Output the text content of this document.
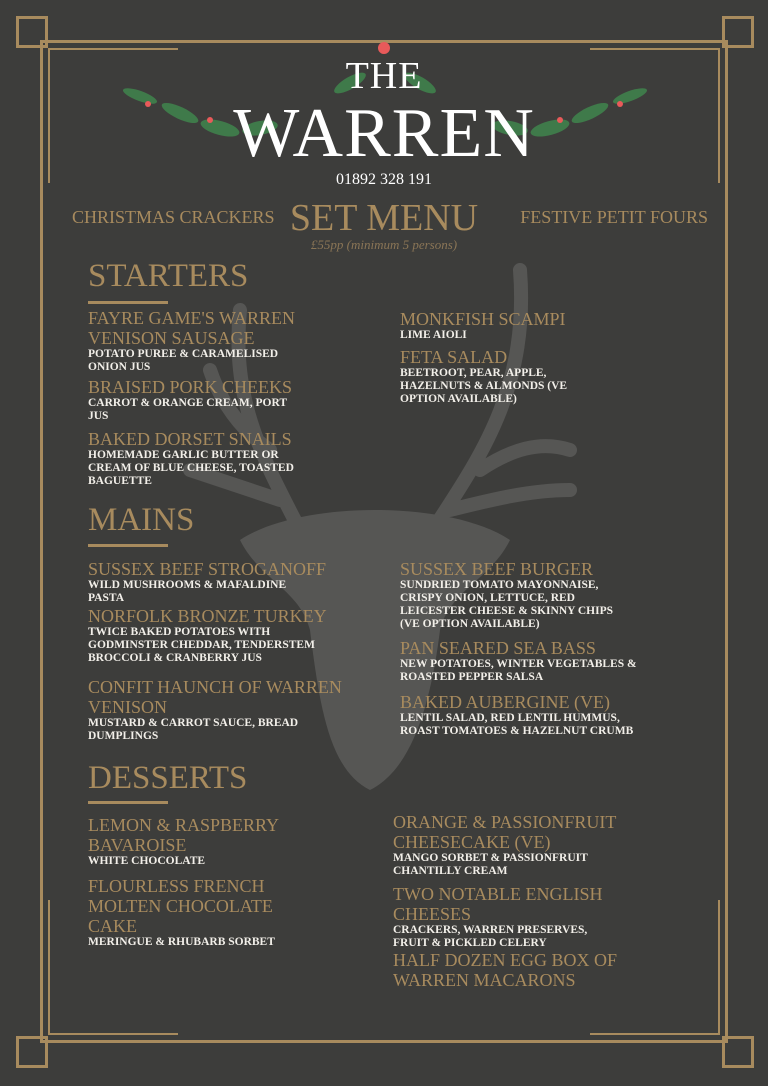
THE
WARREN
01892 328 191
CHRISTMAS CRACKERS SET MENU	FESTIVE PETIT FOURS
£55pp (minimum 5 persons)
STARTERS
FAYRE GAME'S WARREN VENISON SAUSAGE
POTATO PUREE & CARAMELISED ONION JUS
BRAISED PORK CHEEKS
CARROT & ORANGE CREAM, PORT JUS
BAKED DORSET SNAILS
HOMEMADE GARLIC BUTTER OR CREAM OF BLUE CHEESE, TOASTED BAGUETTE
MONKFISH SCAMPI
LIME AIOLI
FETA SALAD
BEETROOT, PEAR, APPLE, HAZELNUTS & ALMONDS (VE OPTION AVAILABLE)
MAINS
SUSSEX BEEF STROGANOFF
WILD MUSHROOMS & MAFALDINE PASTA
NORFOLK BRONZE TURKEY
TWICE BAKED POTATOES WITH GODMINSTER CHEDDAR, TENDERSTEM BROCCOLI & CRANBERRY JUS
CONFIT HAUNCH OF WARREN VENISON
MUSTARD & CARROT SAUCE, BREAD DUMPLINGS
SUSSEX BEEF BURGER
SUNDRIED TOMATO MAYONNAISE, CRISPY ONION, LETTUCE, RED LEICESTER CHEESE & SKINNY CHIPS (VE OPTION AVAILABLE)
PAN SEARED SEA BASS
NEW POTATOES, WINTER VEGETABLES & ROASTED PEPPER SALSA
BAKED AUBERGINE (VE)
LENTIL SALAD, RED LENTIL HUMMUS, ROAST TOMATOES & HAZELNUT CRUMB
DESSERTS
LEMON & RASPBERRY BAVAROISE
WHITE CHOCOLATE
FLOURLESS FRENCH MOLTEN CHOCOLATE CAKE
MERINGUE & RHUBARB SORBET
ORANGE & PASSIONFRUIT CHEESECAKE (VE)
MANGO SORBET & PASSIONFRUIT CHANTILLY CREAM
TWO NOTABLE ENGLISH CHEESES
CRACKERS, WARREN PRESERVES, FRUIT & PICKLED CELERY
HALF DOZEN EGG BOX OF WARREN MACARONS
